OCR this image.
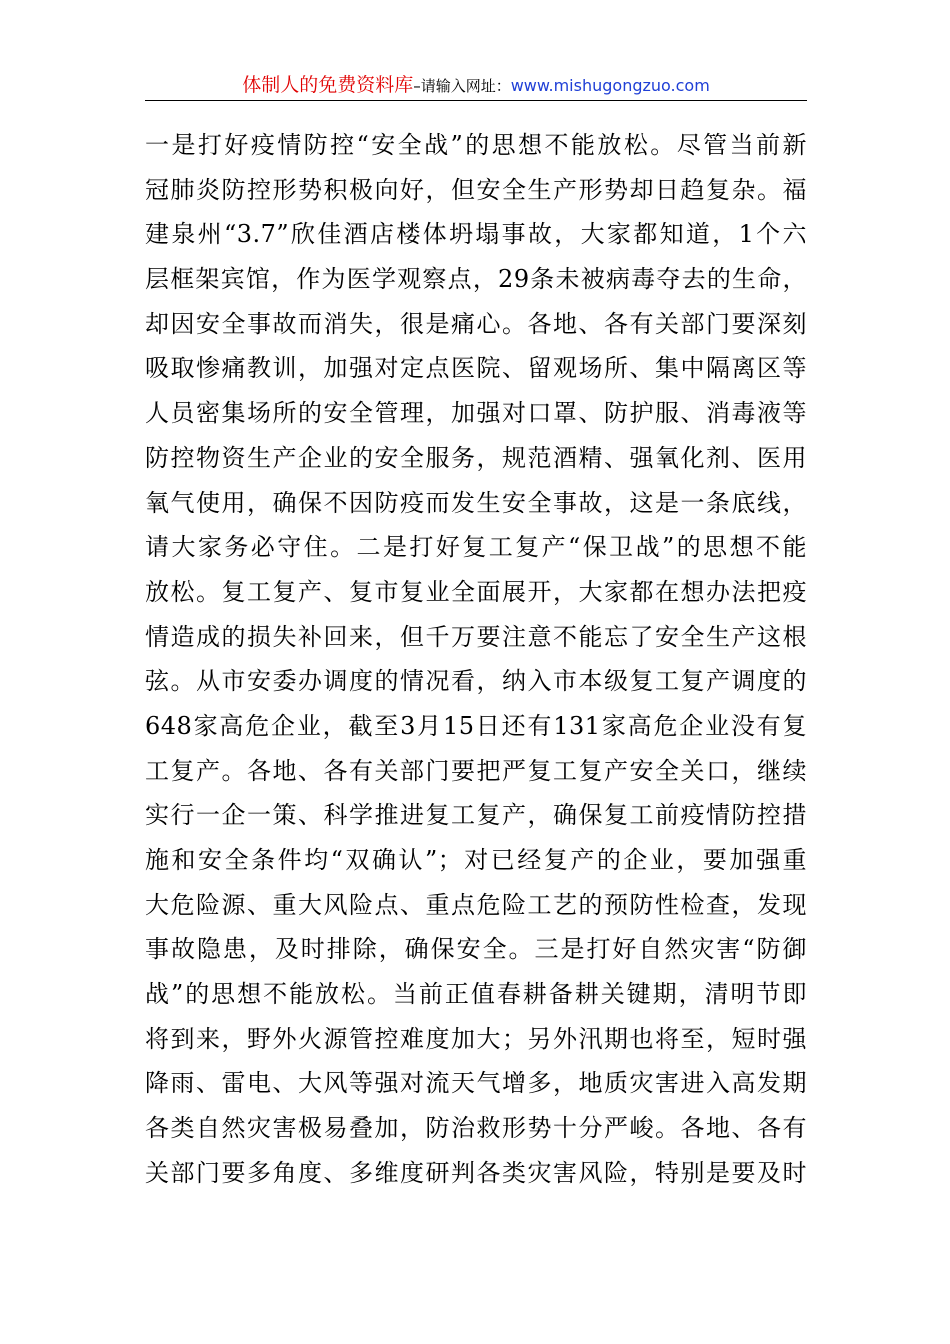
体制人的免费资料库–请输入网址：www.mishugongzuo.com
一是打好疫情防控“安全战”的思想不能放松。尽管当前新
冠肺炎防控形势积极向好，但安全生产形势却日趋复杂。福
建泉州“3.7”欣佳酒店楼体坍塌事故，大家都知道，1个六
层框架宾馆，作为医学观察点，29条未被病毒夺去的生命，
却因安全事故而消失，很是痛心。各地、各有关部门要深刻
吸取惨痛教训，加强对定点医院、留观场所、集中隔离区等
人员密集场所的安全管理，加强对口罩、防护服、消毒液等
防控物资生产企业的安全服务，规范酒精、强氧化剂、医用
氧气使用，确保不因防疫而发生安全事故，这是一条底线，
请大家务必守住。二是打好复工复产“保卫战”的思想不能
放松。复工复产、复市复业全面展开，大家都在想办法把疫
情造成的损失补回来，但千万要注意不能忘了安全生产这根
弦。从市安委办调度的情况看，纳入市本级复工复产调度的
648家高危企业，截至3月15日还有131家高危企业没有复
工复产。各地、各有关部门要把严复工复产安全关口，继续
实行一企一策、科学推进复工复产，确保复工前疫情防控措
施和安全条件均“双确认”；对已经复产的企业，要加强重
大危险源、重大风险点、重点危险工艺的预防性检查，发现
事故隐患，及时排除，确保安全。三是打好自然灾害“防御
战”的思想不能放松。当前正值春耕备耕关键期，清明节即
将到来，野外火源管控难度加大；另外汛期也将至，短时强
降雨、雷电、大风等强对流天气增多，地质灾害进入高发期
各类自然灾害极易叠加，防治救形势十分严峻。各地、各有
关部门要多角度、多维度研判各类灾害风险，特别是要及时
